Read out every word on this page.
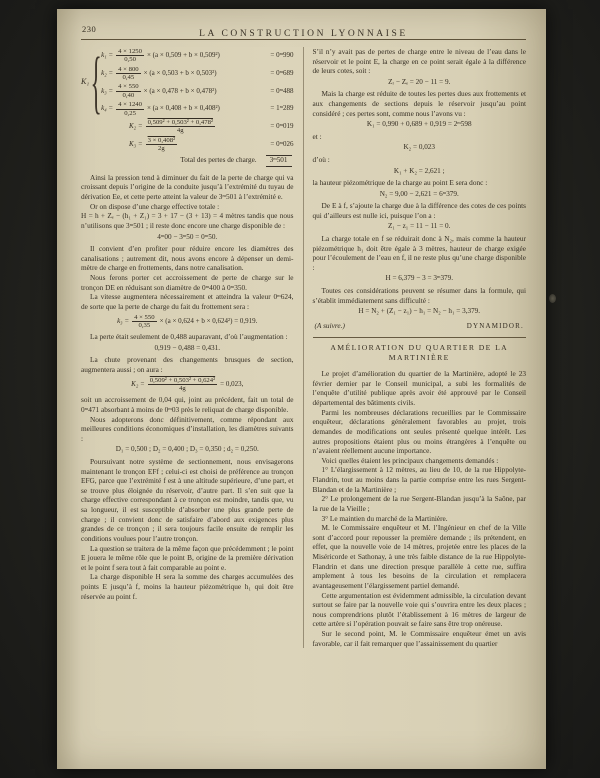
230	LA CONSTRUCTION LYONNAISE
K₁ { $k_1 = \frac{4 \times 1250}{0,50} \times (a \times 0,509 + b \times 0,509^2)$	= 0ᵐ990
$k_2 = \frac{4 \times 800}{0,45} \times (a \times 0,503 + b \times 0,503^2)$	= 0ᵐ689
$k_3 = \frac{4 \times 550}{0,40} \times (a \times 0,478 + b \times 0,478^2)$	= 0ᵐ488
$k_4 = \frac{4 \times 1240}{0,25} \times (a \times 0,408 + b \times 0,408^2)$	= 1ᵐ289
$K_2 = \frac{\text{0,509² + 0,503² + 0,478²}}{4g}$	= 0ᵐ019
$K_3 = \frac{\text{3 × 0,408²}}{2g}$	= 0ᵐ026
Total des pertes de charge.	3ᵐ501

Ainsi la pression tend à diminuer du fait de la perte de charge qui va croissant depuis l’origine de la conduite jusqu’à l’extrémité du tuyau de dérivation Ee, et cette perte atteint la valeur de 3ᵐ501 à l’extrémité e.

Or on dispose d’une charge effective totale :

H = h + Zₑ − (h₁ + Z₁) = 3 + 17 − (3 + 13) = 4 mètres tandis que nous n’utilisons que 3ᵐ501 ; il reste donc encore une charge disponible de :

4ᵐ00 − 3ᵐ50 = 0ᵐ50.

Il convient d’en profiter pour réduire encore les diamètres des canalisations ; autrement dit, nous avons encore à dépenser un demi-mètre de charge en frottements, dans notre canalisation.

Nous ferons porter cet accroissement de perte de charge sur le tronçon DE en réduisant son diamètre de 0ᵐ400 à 0ᵐ350.

La vitesse augmentera nécessairement et atteindra la valeur 0ᵐ624, de sorte que la perte de charge du fait du frottement sera :

$k_3 = \frac{4 \times 550}{0,35} \times (a \times 0,624 + b \times 0,624^2) = 0,919$.

La perte était seulement de 0,488 auparavant, d’où l’augmentation :

0,919 − 0,488 = 0,431.

La chute provenant des changements brusques de section, augmentera aussi ; on aura :

$K_2 = \frac{\text{0,509² + 0,503² + 0,624²}}{4g} = 0,023$,

soit un accroissement de 0,04 qui, joint au précédent, fait un total de 0ᵐ471 absorbant à moins de 0ᵐ03 près le reliquat de charge disponible.

Nous adopterons donc définitivement, comme répondant aux meilleures conditions économiques d’installation, les diamètres suivants :

D₁ = 0,500 ; D₂ = 0,400 ; D₃ = 0,350 ; d₂ = 0,250.

Poursuivant notre système de sectionnement, nous envisagerons maintenant le tronçon EFf ; celui-ci est choisi de préférence au tronçon EFG, parce que l’extrémité f est à une altitude supérieure, d’une part, et se trouve plus éloignée du réservoir, d’autre part. Il s’en suit que la charge effective correspondant à ce tronçon est moindre, tandis que, vu sa longueur, il est susceptible d’absorber une plus grande perte de charge ; il convient donc de satisfaire d’abord aux exigences plus grandes de ce tronçon ; il sera toujours facile ensuite de remplir les conditions voulues pour l’autre tronçon.

La question se traitera de la même façon que précédemment ; le point E jouera le même rôle que le point B, origine de la première dérivation et le point f sera tout à fait comparable au point e.

La charge disponible H sera la somme des charges accumulées des points E jusqu’à f, moins la hauteur piézométrique h₁ qui doit être réservée au point f.

S’il n’y avait pas de pertes de charge entre le niveau de l’eau dans le réservoir et le point E, la charge en ce point serait égale à la différence de leurs cotes, soit :

Zᵣ − Zₑ = 20 − 11 = 9.

Mais la charge est réduite de toutes les pertes dues aux frottements et aux changements de sections depuis le réservoir jusqu’au point considéré ; ces pertes sont, comme nous l’avons vu :

K₁ = 0,990 + 0,689 + 0,919 = 2ᵐ598

et :

K₂ = 0,023

d’où :

K₁ + K₂ = 2,621 ;

la hauteur piézométrique de la charge au point E sera donc :

N₂ = 9,00 − 2,621 = 6ᵐ379.

De E à f, s’ajoute la charge due à la différence des cotes de ces points qui d’ailleurs est nulle ici, puisque l’on a :

Z₁ − z₁ = 11 − 11 = 0.

La charge totale en f se réduirait donc à N₂, mais comme la hauteur piézométrique h₁ doit être égale à 3 mètres, hauteur de charge exigée pour l’écoulement de l’eau en f, il ne reste plus qu’une charge disponible :

H = 6,379 − 3 = 3ᵐ379.

Toutes ces considérations peuvent se résumer dans la formule, qui s’établit immédiatement sans difficulté :

H = N₂ + (Z₁ − z₁) − h₁ = N₂ − h₁ = 3,379.
(A suivre.)	DYNAMIDOR.
AMÉLIORATION DU QUARTIER DE LA MARTINIÈRE

Le projet d’amélioration du quartier de la Martinière, adopté le 23 février dernier par le Conseil municipal, a subi les formalités de l’enquête d’utilité publique après avoir été approuvé par le Conseil départemental des bâtiments civils.

Parmi les nombreuses déclarations recueillies par le Commissaire enquêteur, déclarations généralement favorables au projet, trois demandes de modifications ont seules présenté quelque intérêt. Les autres propositions étaient plus ou moins étrangères à l’enquête ou n’avaient réellement aucune importance.

Voici quelles étaient les principaux changements demandés :

1° L’élargissement à 12 mètres, au lieu de 10, de la rue Hippolyte-Flandrin, tout au moins dans la partie comprise entre les rues Sergent-Blandan et de la Martinière ;

2° Le prolongement de la rue Sergent-Blandan jusqu’à la Saône, par la rue de la Vieille ;

3° Le maintien du marché de la Martinière.

M. le Commissaire enquêteur et M. l’Ingénieur en chef de la Ville sont d’accord pour repousser la première demande ; ils prétendent, en effet, que la nouvelle voie de 14 mètres, projetée entre les places de la Miséricorde et Sathonay, à une très faible distance de la rue Hippolyte-Flandrin et dans une direction presque parallèle à cette rue, suffira amplement à tous les besoins de la circulation et remplacera avantageusement l’élargissement partiel demandé.

Cette argumentation est évidemment admissible, la circulation devant surtout se faire par la nouvelle voie qui s’ouvrira entre les deux places ; nous comprendrions plutôt l’établissement à 16 mètres de largeur de cette artère si l’opération pouvait se faire sans être trop onéreuse.

Sur le second point, M. le Commissaire enquêteur émet un avis favorable, car il fait remarquer que l’assainissement du quartier
